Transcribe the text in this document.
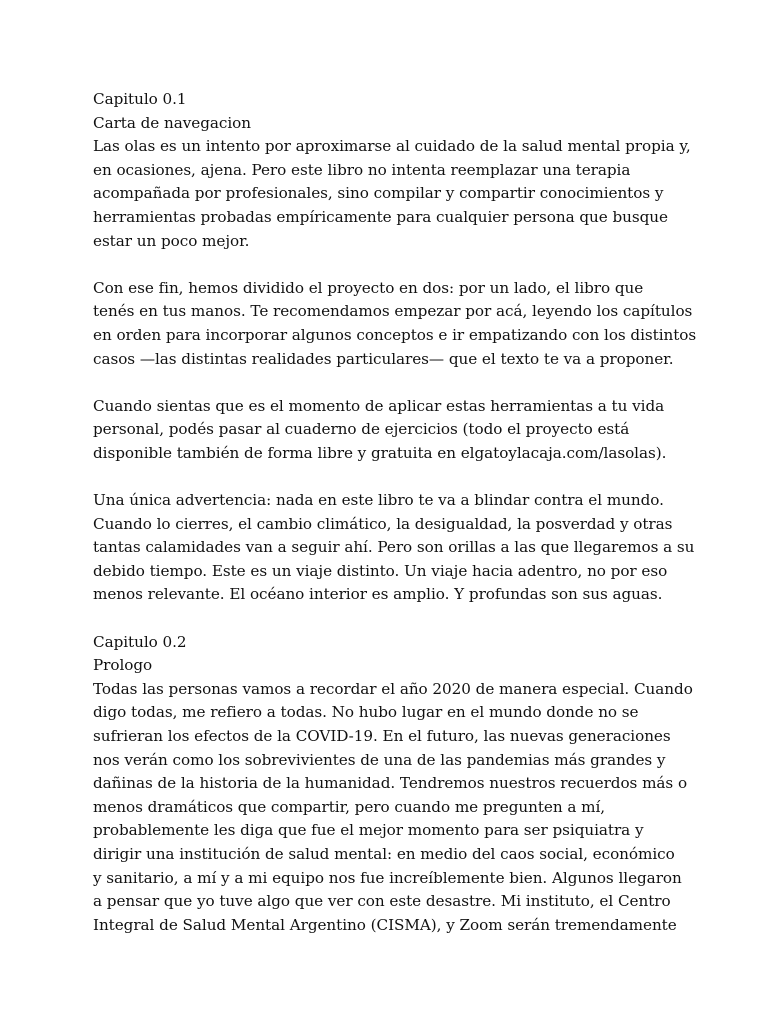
Capitulo 0.1
Carta de navegacion
Las olas es un intento por aproximarse al cuidado de la salud mental propia y,
en ocasiones, ajena. Pero este libro no intenta reemplazar una terapia
acompañada por profesionales, sino compilar y compartir conocimientos y
herramientas probadas empíricamente para cualquier persona que busque
estar un poco mejor.
Con ese fin, hemos dividido el proyecto en dos: por un lado, el libro que
tenés en tus manos. Te recomendamos empezar por acá, leyendo los capítulos
en orden para incorporar algunos conceptos e ir empatizando con los distintos
casos —las distintas realidades particulares— que el texto te va a proponer.
Cuando sientas que es el momento de aplicar estas herramientas a tu vida
personal, podés pasar al cuaderno de ejercicios (todo el proyecto está
disponible también de forma libre y gratuita en elgatoylacaja.com/lasolas).
Una única advertencia: nada en este libro te va a blindar contra el mundo.
Cuando lo cierres, el cambio climático, la desigualdad, la posverdad y otras
tantas calamidades van a seguir ahí. Pero son orillas a las que llegaremos a su
debido tiempo. Este es un viaje distinto. Un viaje hacia adentro, no por eso
menos relevante. El océano interior es amplio. Y profundas son sus aguas.
Capitulo 0.2
Prologo
Todas las personas vamos a recordar el año 2020 de manera especial. Cuando
digo todas, me refiero a todas. No hubo lugar en el mundo donde no se
sufrieran los efectos de la COVID-19. En el futuro, las nuevas generaciones
nos verán como los sobrevivientes de una de las pandemias más grandes y
dañinas de la historia de la humanidad. Tendremos nuestros recuerdos más o
menos dramáticos que compartir, pero cuando me pregunten a mí,
probablemente les diga que fue el mejor momento para ser psiquiatra y
dirigir una institución de salud mental: en medio del caos social, económico
y sanitario, a mí y a mi equipo nos fue increíblemente bien. Algunos llegaron
a pensar que yo tuve algo que ver con este desastre. Mi instituto, el Centro
Integral de Salud Mental Argentino (CISMA), y Zoom serán tremendamente
